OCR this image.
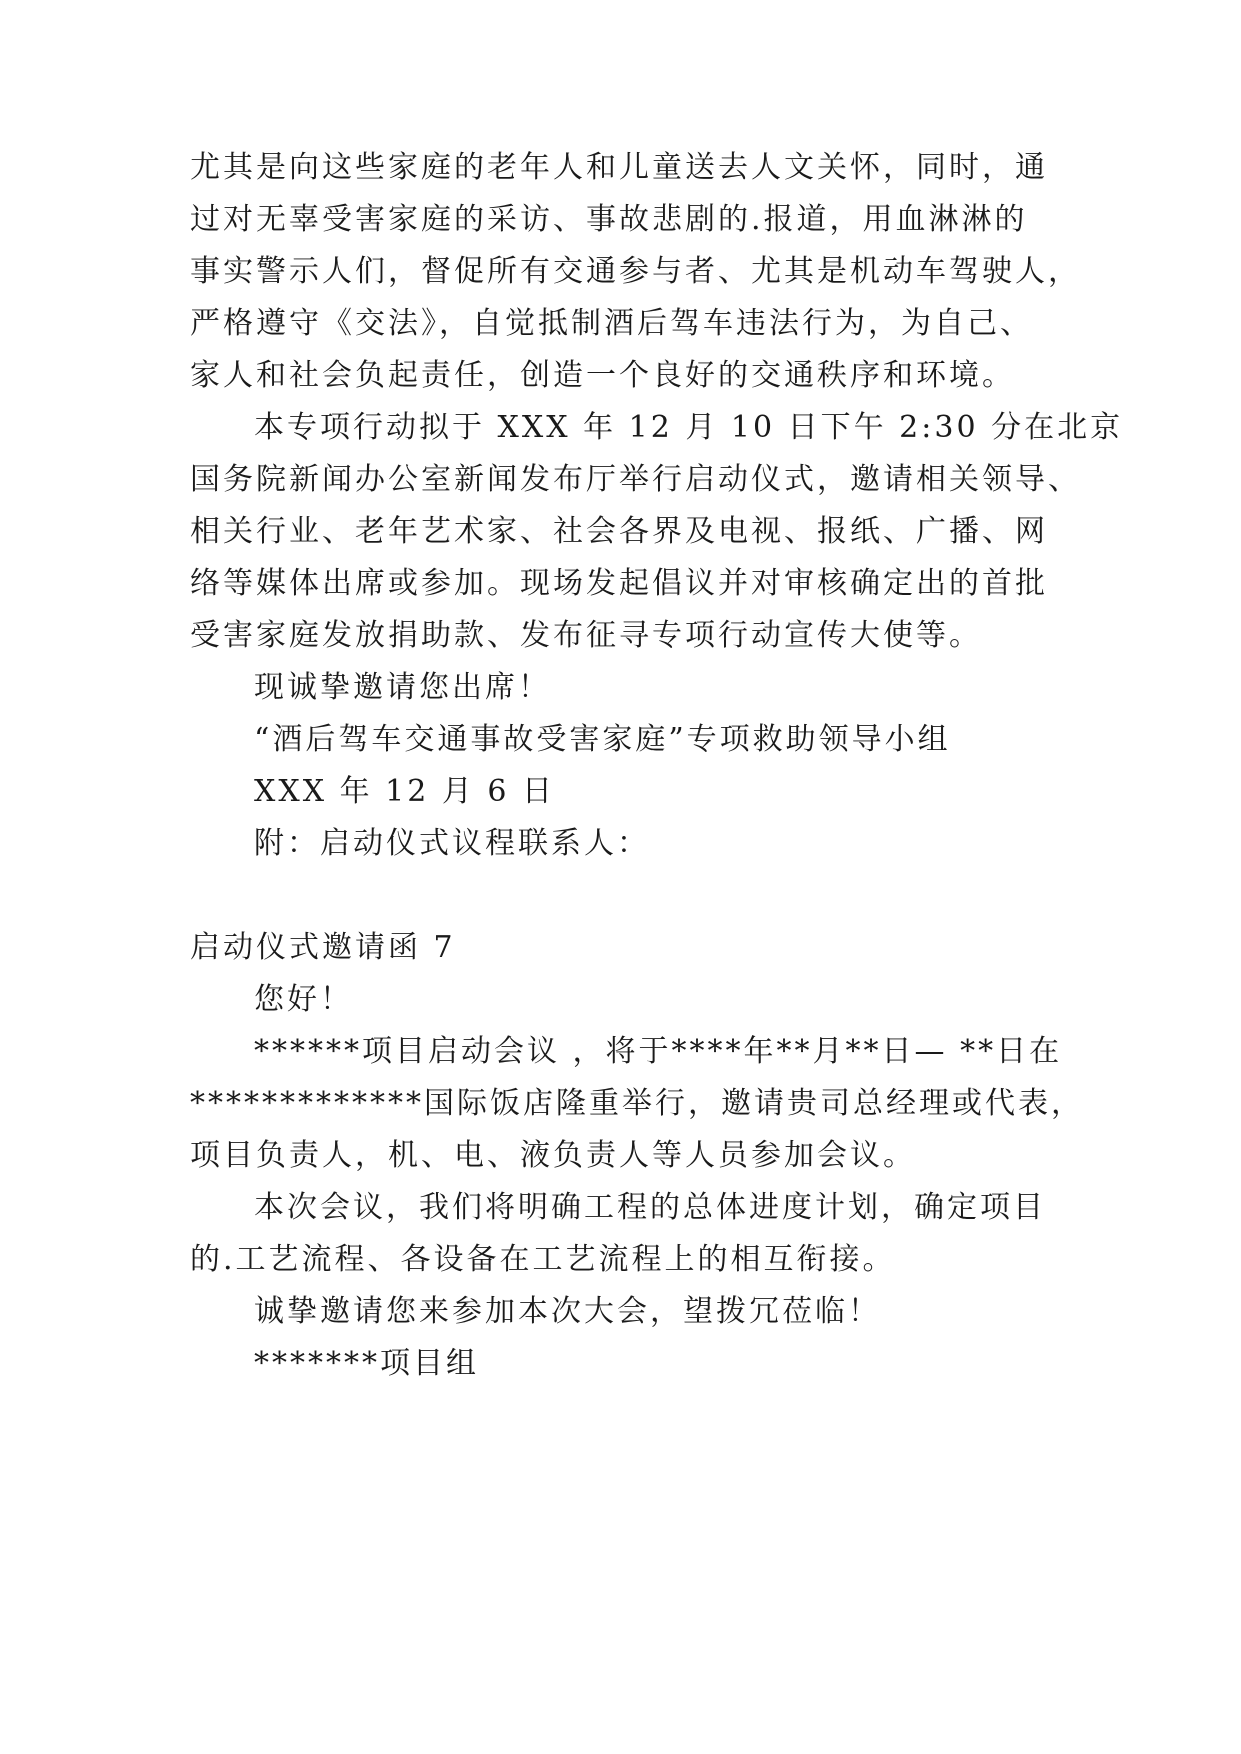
尤其是向这些家庭的老年人和儿童送去人文关怀，同时，通
过对无辜受害家庭的采访、事故悲剧的.报道，用血淋淋的
事实警示人们，督促所有交通参与者、尤其是机动车驾驶人，
严格遵守《交法》，自觉抵制酒后驾车违法行为，为自己、
家人和社会负起责任，创造一个良好的交通秩序和环境。
本专项行动拟于 XXX 年 12 月 10 日下午 2:30 分在北京
国务院新闻办公室新闻发布厅举行启动仪式，邀请相关领导、
相关行业、老年艺术家、社会各界及电视、报纸、广播、网
络等媒体出席或参加。现场发起倡议并对审核确定出的首批
受害家庭发放捐助款、发布征寻专项行动宣传大使等。
现诚挚邀请您出席！
“酒后驾车交通事故受害家庭”专项救助领导小组
XXX 年 12 月 6 日
附：启动仪式议程联系人：
启动仪式邀请函 7
您好！
******项目启动会议 ，将于****年**月**日— **日在
*************国际饭店隆重举行，邀请贵司总经理或代表，
项目负责人，机、电、液负责人等人员参加会议。
本次会议，我们将明确工程的总体进度计划，确定项目
的.工艺流程、各设备在工艺流程上的相互衔接。
诚挚邀请您来参加本次大会，望拨冗莅临！
*******项目组
